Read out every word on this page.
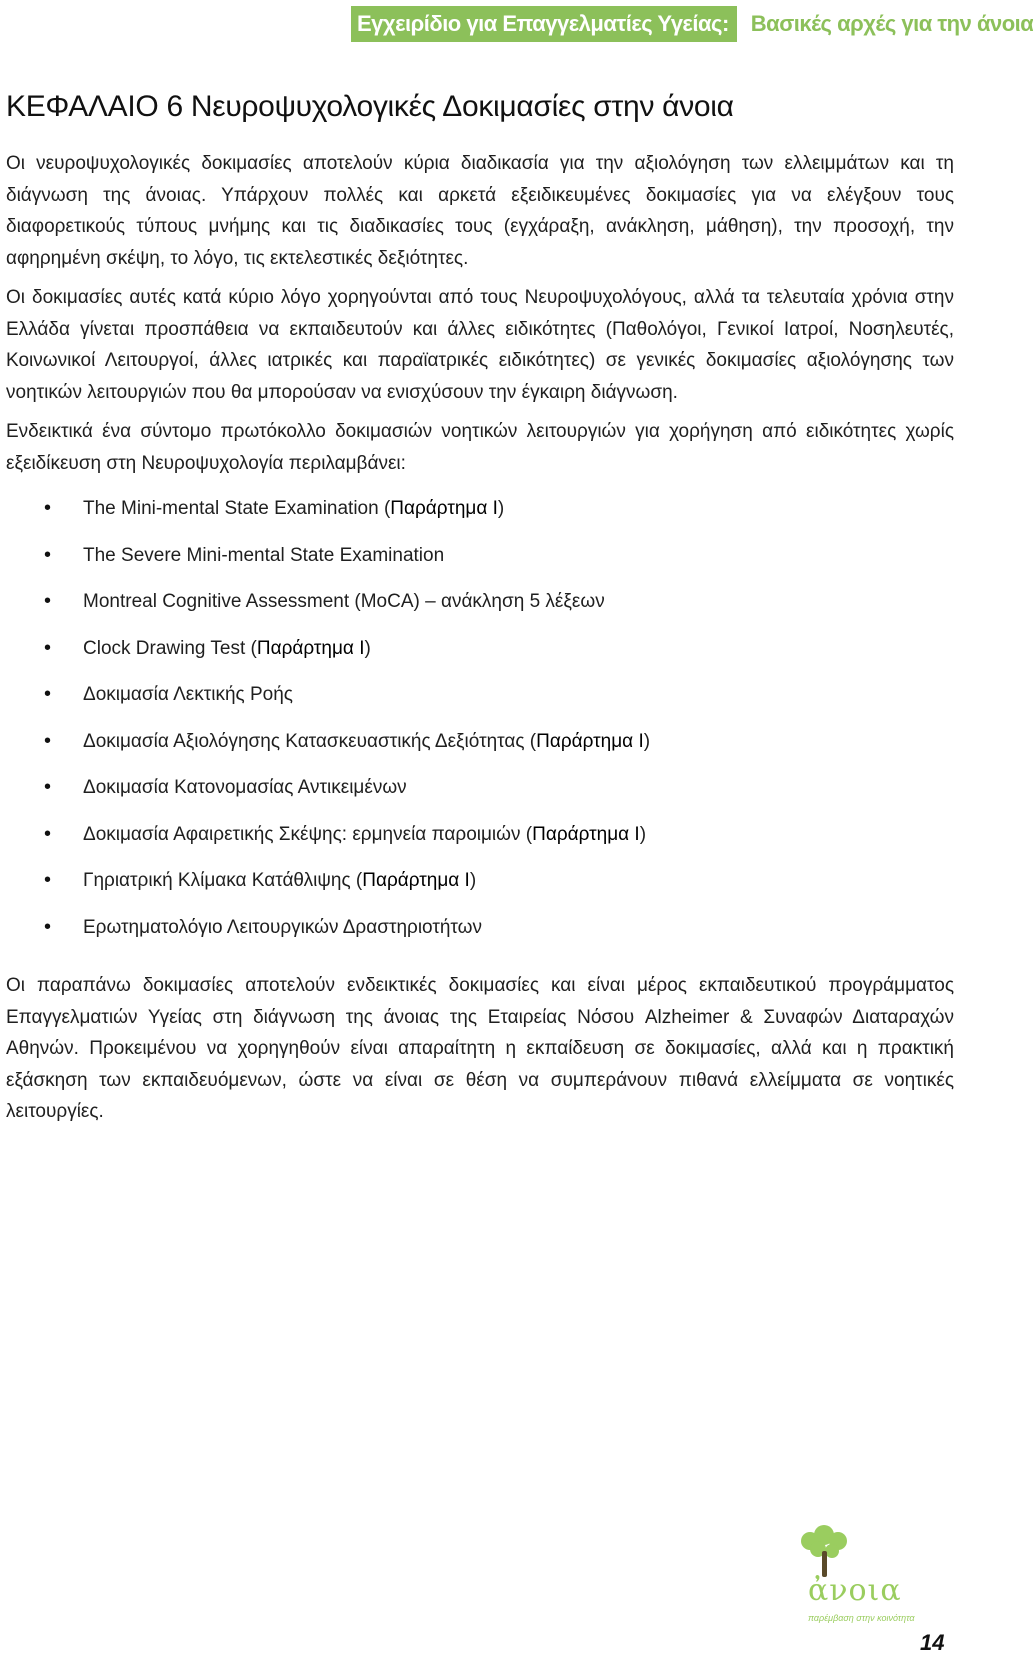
Εγχειρίδιο για Επαγγελματίες Υγείας:	Βασικές αρχές για την άνοια
ΚΕΦΑΛΑΙΟ 6 Νευροψυχολογικές Δοκιμασίες στην άνοια

Οι νευροψυχολογικές δοκιμασίες αποτελούν κύρια διαδικασία για την αξιολόγηση των ελλειμμάτων και τη διάγνωση της άνοιας. Υπάρχουν πολλές και αρκετά εξειδικευμένες δοκιμασίες για να ελέγξουν τους διαφορετικούς τύπους μνήμης και τις διαδικασίες τους (εγχάραξη, ανάκληση, μάθηση), την προσοχή, την αφηρημένη σκέψη, το λόγο, τις εκτελεστικές δεξιότητες.

Οι δοκιμασίες αυτές κατά κύριο λόγο χορηγούνται από τους Νευροψυχολόγους, αλλά τα τελευταία χρόνια στην Ελλάδα γίνεται προσπάθεια να εκπαιδευτούν και άλλες ειδικότητες (Παθολόγοι, Γενικοί Ιατροί, Νοσηλευτές, Κοινωνικοί Λειτουργοί, άλλες ιατρικές και παραϊατρικές ειδικότητες) σε γενικές δοκιμασίες αξιολόγησης των νοητικών λειτουργιών που θα μπορούσαν να ενισχύσουν την έγκαιρη διάγνωση.

Ενδεικτικά ένα σύντομο πρωτόκολλο δοκιμασιών νοητικών λειτουργιών για χορήγηση από ειδικότητες χωρίς εξειδίκευση στη Νευροψυχολογία περιλαμβάνει:

• The Mini-mental State Examination (Παράρτημα Ι)
• The Severe Mini-mental State Examination
• Montreal Cognitive Assessment (MoCA) – ανάκληση 5 λέξεων
• Clock Drawing Test (Παράρτημα Ι)
• Δοκιμασία Λεκτικής Ροής
• Δοκιμασία Αξιολόγησης Κατασκευαστικής Δεξιότητας (Παράρτημα Ι)
• Δοκιμασία Κατονομασίας Αντικειμένων
• Δοκιμασία Αφαιρετικής Σκέψης: ερμηνεία παροιμιών (Παράρτημα Ι)
• Γηριατρική Κλίμακα Κατάθλιψης (Παράρτημα Ι)
• Ερωτηματολόγιο Λειτουργικών Δραστηριοτήτων

Οι παραπάνω δοκιμασίες αποτελούν ενδεικτικές δοκιμασίες και είναι μέρος εκπαιδευτικού προγράμματος Επαγγελματιών Υγείας στη διάγνωση της άνοιας της Εταιρείας Νόσου Alzheimer & Συναφών Διαταραχών Αθηνών. Προκειμένου να χορηγηθούν είναι απαραίτητη η εκπαίδευση σε δοκιμασίες, αλλά και η πρακτική εξάσκηση των εκπαιδευόμενων, ώστε να είναι σε θέση να συμπεράνουν πιθανά ελλείμματα σε νοητικές λειτουργίες.

ἀνοια
παρέμβαση στην κοινότητα
14
